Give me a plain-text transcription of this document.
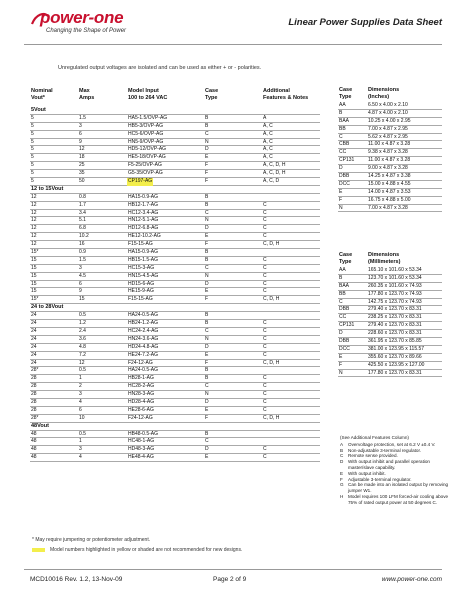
power-one
Changing the Shape of Power
Linear Power Supplies Data Sheet
Unregulated output voltages are isolated and can be used as either + or - polarities.
Nominal
Vout*
Max
Amps
Model Input
100 to 264 VAC
Case
Type
Additional
Features & Notes
5Vout
5	1.5	HA5-1.5/OVP-AG	B	A
5	3	HB5-3/OVP-AG	B	A, C
5	6	HC5-6/OVP-AG	C	A, C
5	9	HN5-9/OVP-AG	N	A, C
5	12	HD5-12/OVP-AG	D	A, C
5	18	HE5-18/OVP-AG	E	A, C
5	25	F5-25/OVP-AG	F	A, C, D, H
5	35	G5-35/OVP-AG	F	A, C, D, H
5	50	CP197-AG	F	A, C, D
12 to 15Vout
12	0.8	HA15-0.9-AG	B
12	1.7	HB12-1.7-AG	B	C
12	3.4	HC12-3.4-AG	C	C
12	5.1	HN12-5.1-AG	N	C
12	6.8	HD12-6.8-AG	D	C
12	10.2	HE12-10.2-AG	E	C
12	16	F15-15-AG	F	C, D, H
15*	0.9	HA15-0.9-AG	B
15	1.5	HB15-1.5-AG	B	C
15	3	HC15-3-AG	C	C
15	4.5	HN15-4.5-AG	N	C
15	6	HD15-6-AG	D	C
15	9	HE15-9-AG	E	C
15*	15	F15-15-AG	F	C, D, H
24 to 28Vout
24	0.5	HA24-0.5-AG	B
24	1.2	HB24-1.2-AG	B	C
24	2.4	HC24-2.4-AG	C	C
24	3.6	HN24-3.6-AG	N	C
24	4.8	HD24-4.8-AG	D	C
24	7.2	HE24-7.2-AG	E	C
24	12	F24-12-AG	F	C, D, H
28*	0.5	HA24-0.5-AG	B
28	1	HB28-1-AG	B	C
28	2	HC28-2-AG	C	C
28	3	HN28-3-AG	N	C
28	4	HD28-4-AG	D	C
28	6	HE28-6-AG	E	C
28*	10	F24-12-AG	F	C, D, H
48Vout
48	0.5	HB48-0.5-AG	B
48	1	HC48-1-AG	C
48	3	HD48-3-AG	D	C
48	4	HE48-4-AG	E	C
Case
Type
Dimensions
(Inches)
AA	6.50 x 4.00 x 2.10
B	4.87 x 4.00 x 2.10
BAA	10.25 x 4.00 x 2.95
BB	7.00 x 4.87 x 2.95
C	5.62 x 4.87 x 2.95
CBB	11.00 x 4.87 x 3.28
CC	9.38 x 4.87 x 3.28
CP131	11.00 x 4.87 x 3.28
D	9.00 x 4.87 x 3.28
DBB	14.25 x 4.87 x 3.38
DCC	15.00 x 4.88 x 4.55
E	14.00 x 4.87 x 3.53
F	16.75 x 4.88 x 5.00
N	7.00 x 4.87 x 3.28
Case
Type
Dimensions
(Millimeters)
AA	165.10 x 101.60 x 53.34
B	123.70 x 101.60 x 53.34
BAA	260.35 x 101.60 x 74.93
BB	177.80 x 123.70 x 74.93
C	142.75 x 123.70 x 74.93
DBB	279.40 x 123.70 x 83.31
CC	238.25 x 123.70 x 83.31
CP131	279.40 x 123.70 x 83.31
D	228.60 x 123.70 x 83.31
DBB	361.95 x 123.70 x 85.85
DCC	381.00 x 123.95 x 115.57
E	355.60 x 123.70 x 89.66
F	425.50 x 123.95 x 127.00
N	177.80 x 123.70 x 83.31
(See Additional Features Column)
A Overvoltage protection, set at 6.2 V ±0.4 V.
B Non-adjustable 3-terminal regulator.
C Remote sense provided.
D With output inhibit and parallel operation master/slave capability.
E With output inhibit.
F Adjustable 3-terminal regulator.
G Can be made into an isolated output by removing jumper W1.
H Model requires 100 LFM forced-air cooling above 75% of rated output power at 50 degrees C.
* May require jumpering or potentiometer adjustment.
Model numbers highlighted in yellow or shaded are not recommended for new designs.
MCD10016 Rev. 1.2, 13-Nov-09	Page 2 of 9	www.power-one.com
